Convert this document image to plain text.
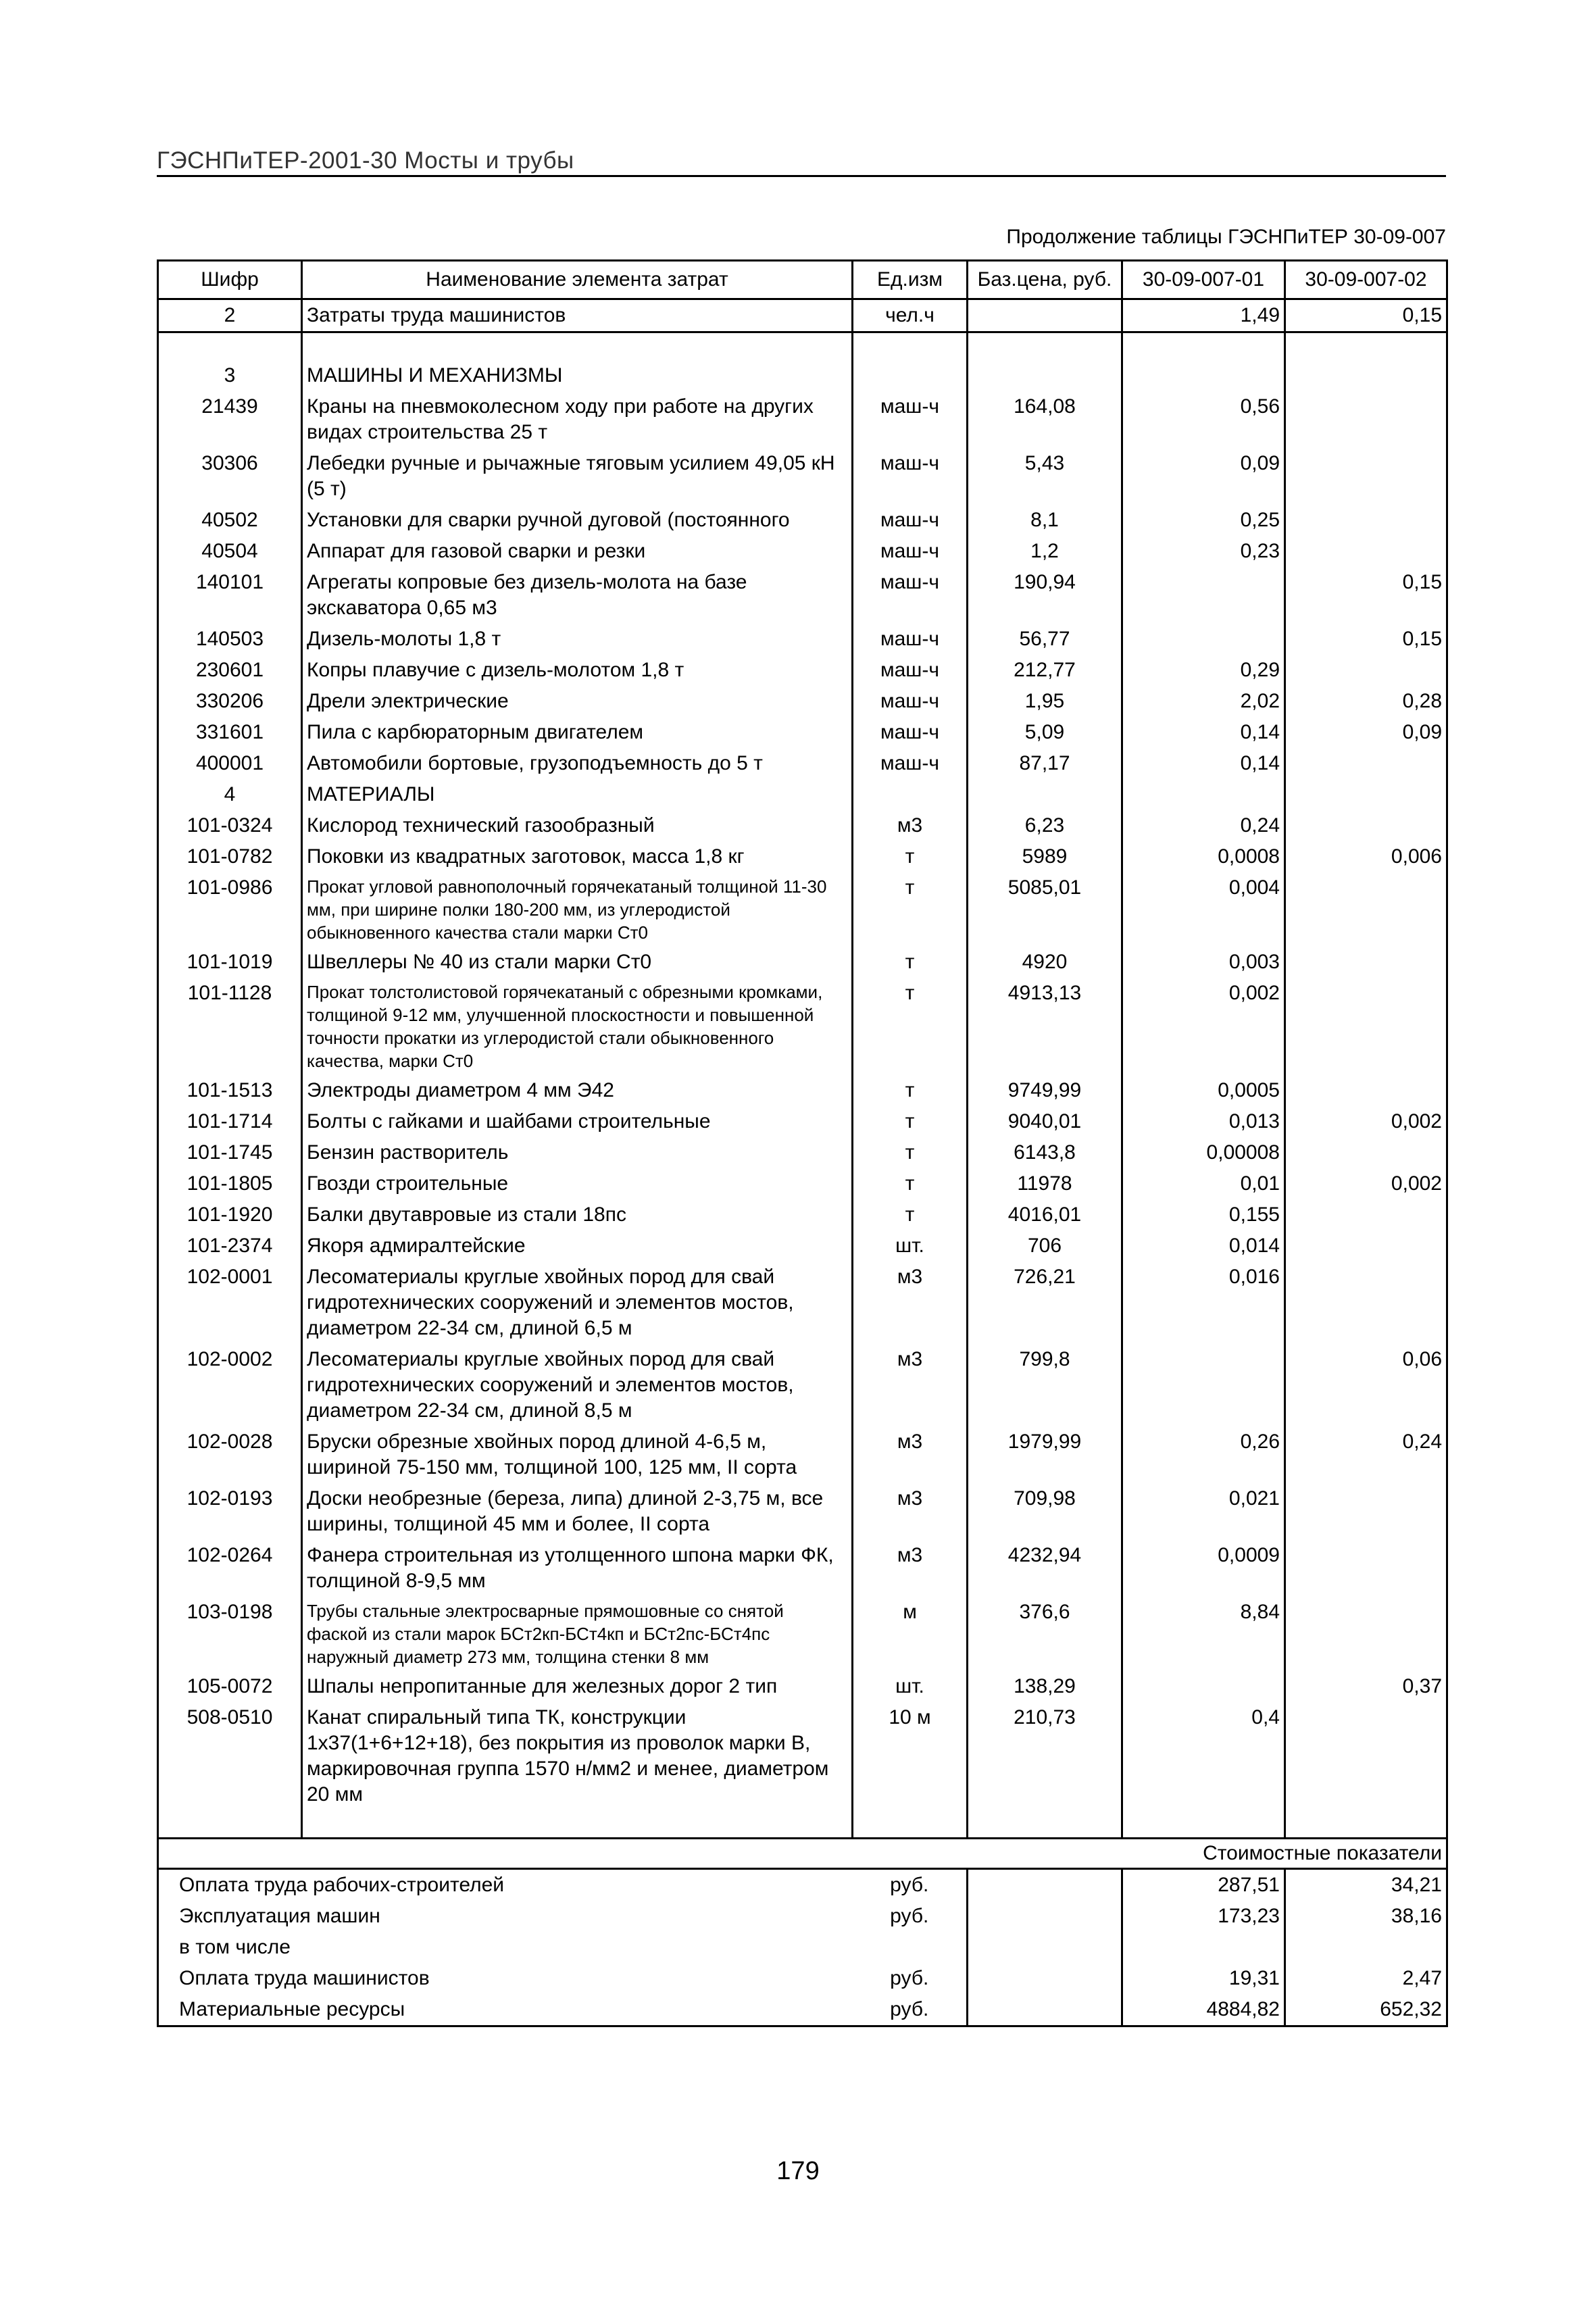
ГЭСНПиТЕР-2001-30 Мосты и трубы
Продолжение таблицы ГЭСНПиТЕР 30-09-007
Шифр	Наименование элемента затрат	Ед.изм	Баз.цена, руб.	30-09-007-01	30-09-007-02
2	Затраты труда машинистов	чел.ч		1,49	0,15

3	МАШИНЫ И МЕХАНИЗМЫ				
21439	Краны на пневмоколесном ходу при работе на других видах строительства 25 т	маш-ч	164,08	0,56	
30306	Лебедки ручные и рычажные тяговым усилием 49,05 кН (5 т)	маш-ч	5,43	0,09	
40502	Установки для сварки ручной дуговой (постоянного	маш-ч	8,1	0,25	
40504	Аппарат для газовой сварки и резки	маш-ч	1,2	0,23	
140101	Агрегаты копровые без дизель-молота на базе экскаватора 0,65 м3	маш-ч	190,94		0,15
140503	Дизель-молоты 1,8 т	маш-ч	56,77		0,15
230601	Копры плавучие с дизель-молотом 1,8 т	маш-ч	212,77	0,29	
330206	Дрели электрические	маш-ч	1,95	2,02	0,28
331601	Пила с карбюраторным двигателем	маш-ч	5,09	0,14	0,09
400001	Автомобили бортовые, грузоподъемность до 5 т	маш-ч	87,17	0,14	
4	МАТЕРИАЛЫ				
101-0324	Кислород технический газообразный	м3	6,23	0,24	
101-0782	Поковки из квадратных заготовок, масса 1,8 кг	т	5989	0,0008	0,006
101-0986	Прокат угловой равнополочный горячекатаный толщиной 11-30 мм, при ширине полки 180-200 мм, из углеродистой обыкновенного качества стали марки Ст0	т	5085,01	0,004	
101-1019	Швеллеры № 40 из стали марки Ст0	т	4920	0,003	
101-1128	Прокат толстолистовой горячекатаный с обрезными кромками, толщиной 9-12 мм, улучшенной плоскостности и повышенной точности прокатки из углеродистой стали обыкновенного качества, марки Ст0	т	4913,13	0,002	
101-1513	Электроды диаметром 4 мм Э42	т	9749,99	0,0005	
101-1714	Болты с гайками и шайбами строительные	т	9040,01	0,013	0,002
101-1745	Бензин растворитель	т	6143,8	0,00008	
101-1805	Гвозди строительные	т	11978	0,01	0,002
101-1920	Балки двутавровые из стали 18пс	т	4016,01	0,155	
101-2374	Якоря адмиралтейские	шт.	706	0,014	
102-0001	Лесоматериалы круглые хвойных пород для свай гидротехнических сооружений и элементов мостов, диаметром 22-34 см, длиной 6,5 м	м3	726,21	0,016	
102-0002	Лесоматериалы круглые хвойных пород для свай гидротехнических сооружений и элементов мостов, диаметром 22-34 см, длиной 8,5 м	м3	799,8		0,06
102-0028	Бруски обрезные хвойных пород длиной 4-6,5 м, шириной 75-150 мм, толщиной 100, 125 мм, II сорта	м3	1979,99	0,26	0,24
102-0193	Доски необрезные (береза, липа) длиной 2-3,75 м, все ширины, толщиной 45 мм и более, II сорта	м3	709,98	0,021	
102-0264	Фанера строительная из утолщенного шпона марки ФК, толщиной 8-9,5 мм	м3	4232,94	0,0009	
103-0198	Трубы стальные электросварные прямошовные со снятой фаской из стали марок БСт2кп-БСт4кп и БСт2пс-БСт4пс наружный диаметр 273 мм, толщина стенки 8 мм	м	376,6	8,84	
105-0072	Шпалы непропитанные для железных дорог 2 тип	шт.	138,29		0,37
508-0510	Канат спиральный типа ТК, конструкции 1х37(1+6+12+18), без покрытия из проволок марки В, маркировочная группа 1570 н/мм2 и менее, диаметром 20 мм	10 м	210,73	0,4	

Стоимостные показатели					
Оплата труда рабочих-строителей		руб.		287,51	34,21
Эксплуатация машин		руб.		173,23	38,16
в том числе					
Оплата труда машинистов		руб.		19,31	2,47
Материальные ресурсы		руб.		4884,82	652,32
179
